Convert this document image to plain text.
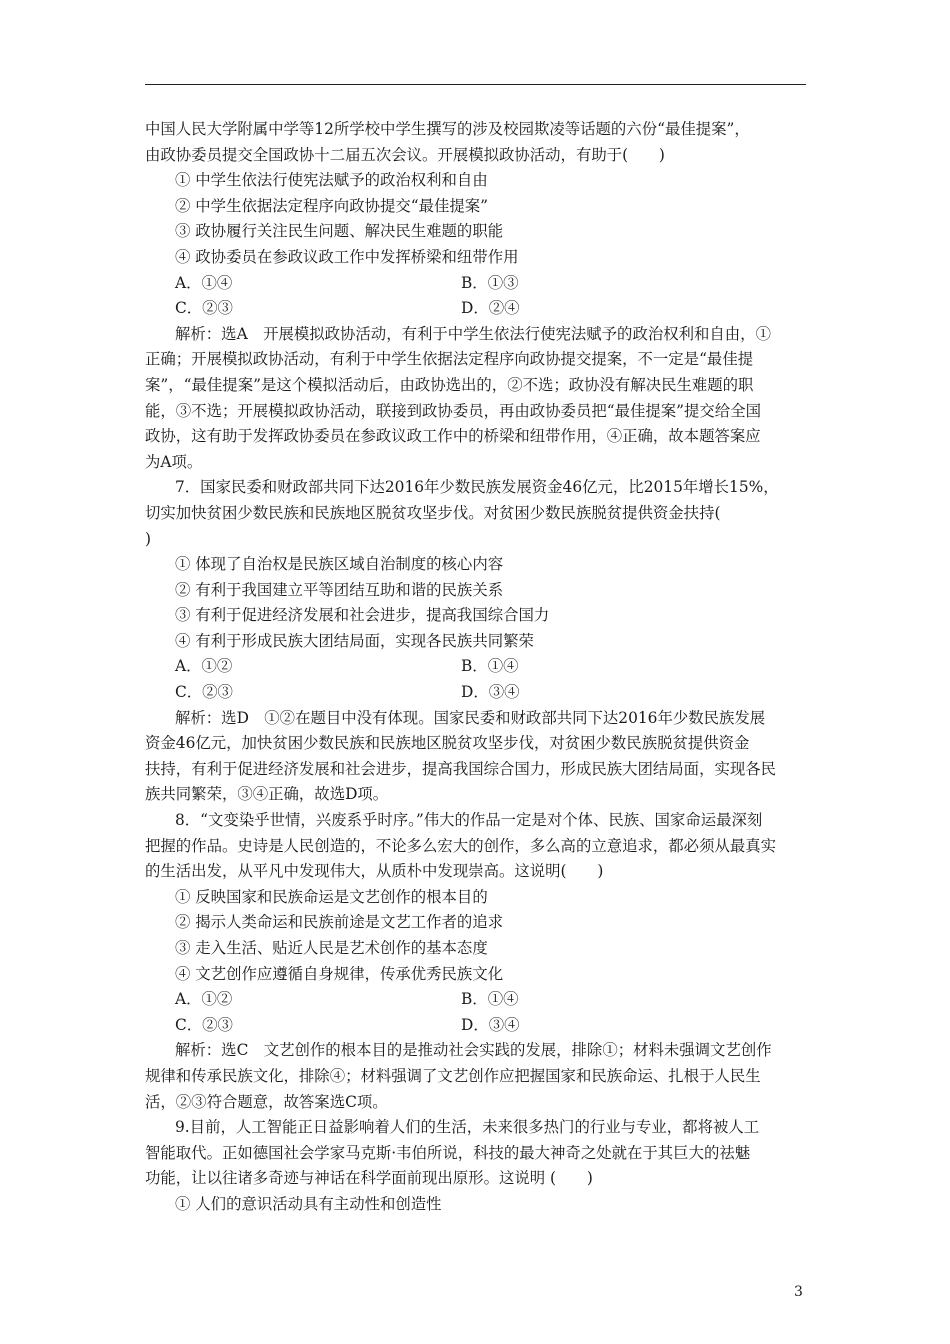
中国人民大学附属中学等12所学校中学生撰写的涉及校园欺凌等话题的六份“最佳提案”，
由政协委员提交全国政协十二届五次会议。开展模拟政协活动，有助于(　　)
① 中学生依法行使宪法赋予的政治权利和自由
② 中学生依据法定程序向政协提交“最佳提案”
③ 政协履行关注民生问题、解决民生难题的职能
④ 政协委员在参政议政工作中发挥桥梁和纽带作用
A．①④	B．①③
C．②③	D．②④
解析：选A　开展模拟政协活动，有利于中学生依法行使宪法赋予的政治权利和自由，①
正确；开展模拟政协活动，有利于中学生依据法定程序向政协提交提案，不一定是“最佳提
案”，“最佳提案”是这个模拟活动后，由政协选出的，②不选；政协没有解决民生难题的职
能，③不选；开展模拟政协活动，联接到政协委员，再由政协委员把“最佳提案”提交给全国
政协，这有助于发挥政协委员在参政议政工作中的桥梁和纽带作用，④正确，故本题答案应
为A项。
7．国家民委和财政部共同下达2016年少数民族发展资金46亿元，比2015年增长15%，
切实加快贫困少数民族和民族地区脱贫攻坚步伐。对贫困少数民族脱贫提供资金扶持(
)
① 体现了自治权是民族区域自治制度的核心内容
② 有利于我国建立平等团结互助和谐的民族关系
③ 有利于促进经济发展和社会进步，提高我国综合国力
④ 有利于形成民族大团结局面，实现各民族共同繁荣
A．①②	B．①④
C．②③	D．③④
解析：选D　①②在题目中没有体现。国家民委和财政部共同下达2016年少数民族发展
资金46亿元，加快贫困少数民族和民族地区脱贫攻坚步伐，对贫困少数民族脱贫提供资金
扶持，有利于促进经济发展和社会进步，提高我国综合国力，形成民族大团结局面，实现各民
族共同繁荣，③④正确，故选D项。
8．“文变染乎世情，兴废系乎时序。”伟大的作品一定是对个体、民族、国家命运最深刻
把握的作品。史诗是人民创造的，不论多么宏大的创作，多么高的立意追求，都必须从最真实
的生活出发，从平凡中发现伟大，从质朴中发现崇高。这说明(　　)
① 反映国家和民族命运是文艺创作的根本目的
② 揭示人类命运和民族前途是文艺工作者的追求
③ 走入生活、贴近人民是艺术创作的基本态度
④ 文艺创作应遵循自身规律，传承优秀民族文化
A．①②	B．①④
C．②③	D．③④
解析：选C　文艺创作的根本目的是推动社会实践的发展，排除①；材料未强调文艺创作
规律和传承民族文化，排除④；材料强调了文艺创作应把握国家和民族命运、扎根于人民生
活，②③符合题意，故答案选C项。
9.目前，人工智能正日益影响着人们的生活，未来很多热门的行业与专业，都将被人工
智能取代。正如德国社会学家马克斯·韦伯所说，科技的最大神奇之处就在于其巨大的祛魅
功能，让以往诸多奇迹与神话在科学面前现出原形。这说明 (　　)
① 人们的意识活动具有主动性和创造性
3
